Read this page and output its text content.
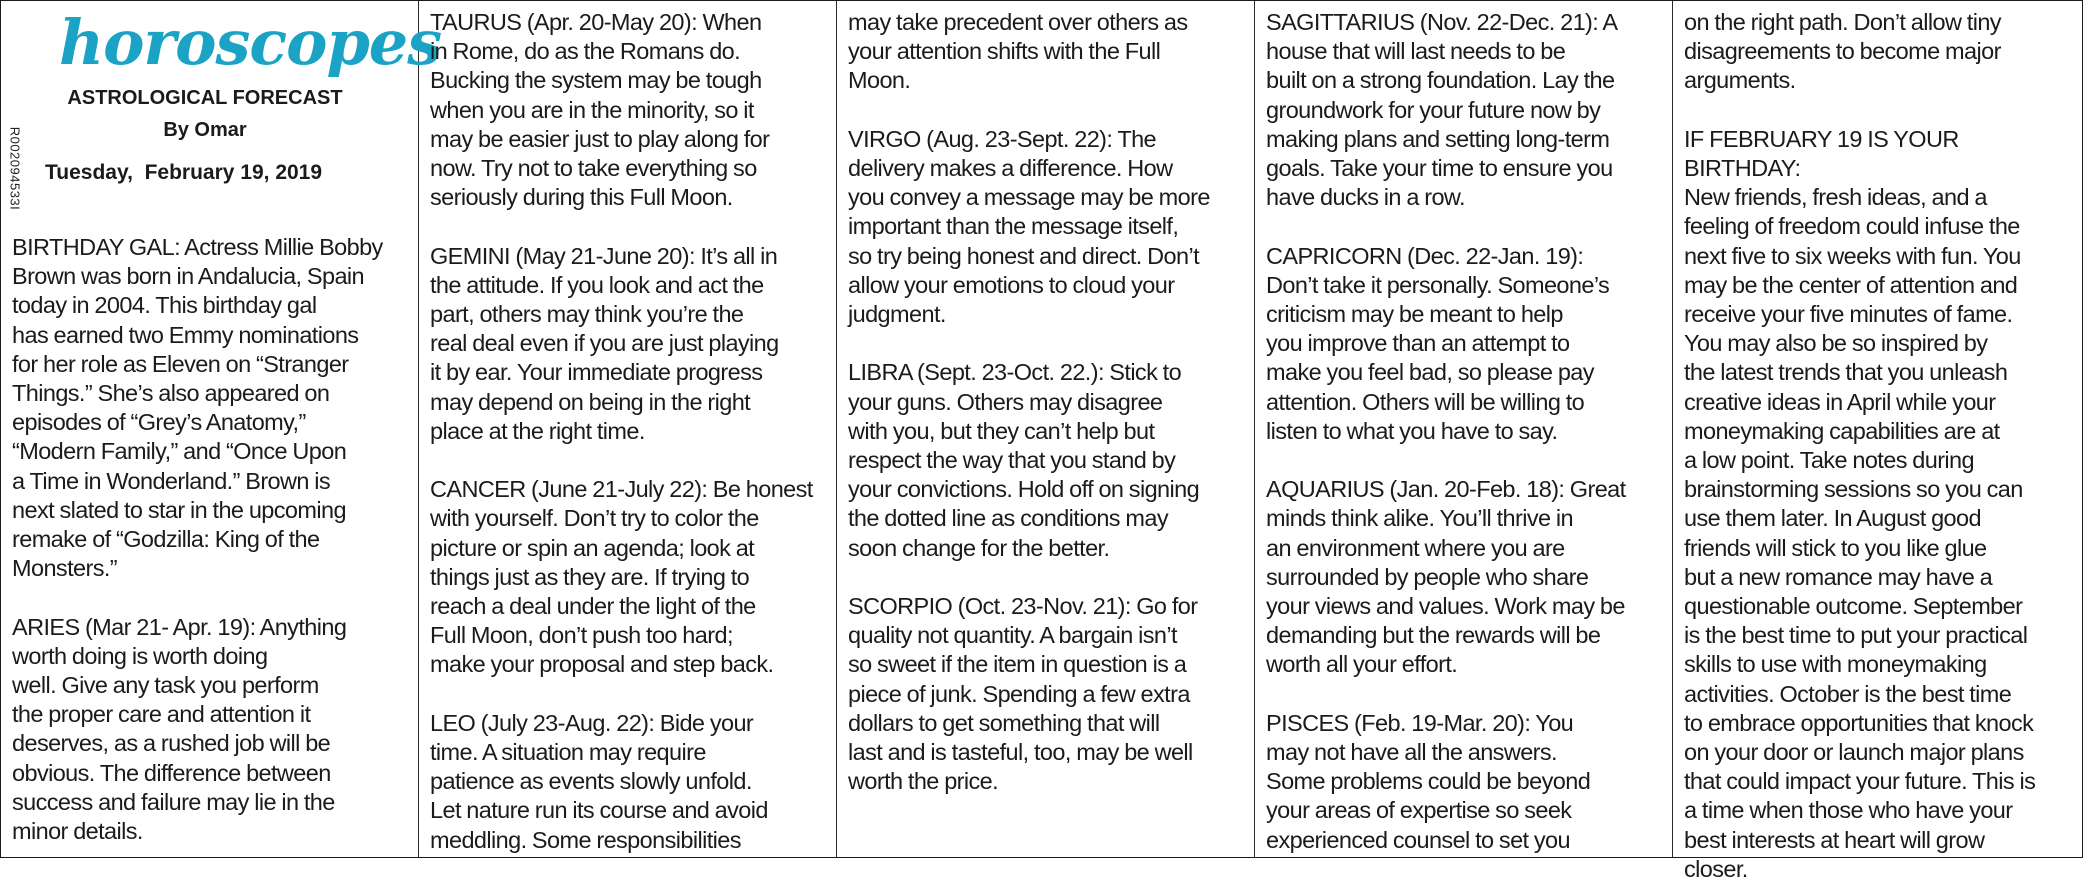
horoscopes
R002094533I
ASTROLOGICAL FORECAST
By Omar
Tuesday,  February 19, 2019

BIRTHDAY GAL: Actress Millie Bobby
Brown was born in Andalucia, Spain
today in 2004. This birthday gal
has earned two Emmy nominations
for her role as Eleven on “Stranger
Things.” She’s also appeared on
episodes of “Grey’s Anatomy,”
“Modern Family,” and “Once Upon
a Time in Wonderland.” Brown is
next slated to star in the upcoming
remake of “Godzilla: King of the
Monsters.”

ARIES (Mar 21- Apr. 19): Anything
worth doing is worth doing
well. Give any task you perform
the proper care and attention it
deserves, as a rushed job will be
obvious. The difference between
success and failure may lie in the
minor details.

TAURUS (Apr. 20-May 20): When
in Rome, do as the Romans do.
Bucking the system may be tough
when you are in the minority, so it
may be easier just to play along for
now. Try not to take everything so
seriously during this Full Moon.

GEMINI (May 21-June 20): It’s all in
the attitude. If you look and act the
part, others may think you’re the
real deal even if you are just playing
it by ear. Your immediate progress
may depend on being in the right
place at the right time.

CANCER (June 21-July 22): Be honest
with yourself. Don’t try to color the
picture or spin an agenda; look at
things just as they are. If trying to
reach a deal under the light of the
Full Moon, don’t push too hard;
make your proposal and step back.

LEO (July 23-Aug. 22): Bide your
time. A situation may require
patience as events slowly unfold.
Let nature run its course and avoid
meddling. Some responsibilities

may take precedent over others as
your attention shifts with the Full
Moon.

VIRGO (Aug. 23-Sept. 22): The
delivery makes a difference. How
you convey a message may be more
important than the message itself,
so try being honest and direct. Don’t
allow your emotions to cloud your
judgment.

LIBRA (Sept. 23-Oct. 22.): Stick to
your guns. Others may disagree
with you, but they can’t help but
respect the way that you stand by
your convictions. Hold off on signing
the dotted line as conditions may
soon change for the better.

SCORPIO (Oct. 23-Nov. 21): Go for
quality not quantity. A bargain isn’t
so sweet if the item in question is a
piece of junk. Spending a few extra
dollars to get something that will
last and is tasteful, too, may be well
worth the price.

SAGITTARIUS (Nov. 22-Dec. 21): A
house that will last needs to be
built on a strong foundation. Lay the
groundwork for your future now by
making plans and setting long-term
goals. Take your time to ensure you
have ducks in a row.

CAPRICORN (Dec. 22-Jan. 19):
Don’t take it personally. Someone’s
criticism may be meant to help
you improve than an attempt to
make you feel bad, so please pay
attention. Others will be willing to
listen to what you have to say.

AQUARIUS (Jan. 20-Feb. 18): Great
minds think alike. You’ll thrive in
an environment where you are
surrounded by people who share
your views and values. Work may be
demanding but the rewards will be
worth all your effort.

PISCES (Feb. 19-Mar. 20): You
may not have all the answers.
Some problems could be beyond
your areas of expertise so seek
experienced counsel to set you

on the right path. Don’t allow tiny
disagreements to become major
arguments.

IF FEBRUARY 19 IS YOUR BIRTHDAY:
New friends, fresh ideas, and a
feeling of freedom could infuse the
next five to six weeks with fun. You
may be the center of attention and
receive your five minutes of fame.
You may also be so inspired by
the latest trends that you unleash
creative ideas in April while your
moneymaking capabilities are at
a low point. Take notes during
brainstorming sessions so you can
use them later. In August good
friends will stick to you like glue
but a new romance may have a
questionable outcome. September
is the best time to put your practical
skills to use with moneymaking
activities. October is the best time
to embrace opportunities that knock
on your door or launch major plans
that could impact your future. This is
a time when those who have your
best interests at heart will grow
closer.
